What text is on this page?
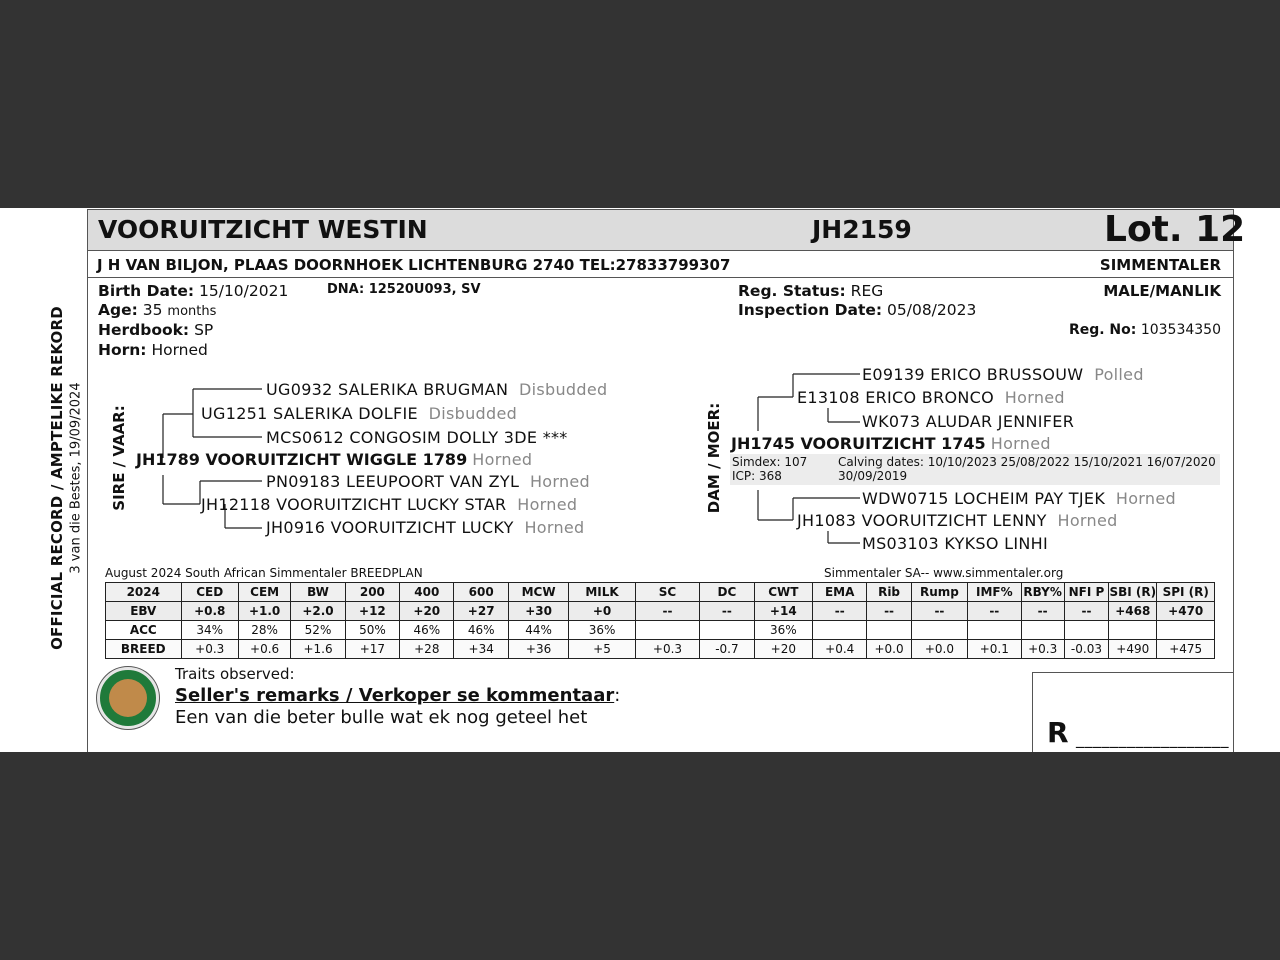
OFFICIAL RECORD / AMPTELIKE REKORD 3 van die Bestes, 19/09/2024
VOORUITZICHT WESTIN	JH2159	Lot. 12
J H VAN BILJON, PLAAS DOORNHOEK LICHTENBURG 2740 TEL:27833799307	SIMMENTALER
Birth Date: 15/10/2021	DNA: 12520U093, SV
Age: 35 months
Herdbook: SP
Horn: Horned
Reg. Status: REG
Inspection Date: 05/08/2023
MALE/MANLIK
Reg. No: 103534350
SIRE / VAAR:
UG0932 SALERIKA BRUGMAN Disbudded
UG1251 SALERIKA DOLFIE Disbudded
MCS0612 CONGOSIM DOLLY 3DE ***
JH1789 VOORUITZICHT WIGGLE 1789 Horned
PN09183 LEEUPOORT VAN ZYL Horned
JH12118 VOORUITZICHT LUCKY STAR Horned
JH0916 VOORUITZICHT LUCKY Horned
DAM / MOER:
E09139 ERICO BRUSSOUW Polled
E13108 ERICO BRONCO Horned
WK073 ALUDAR JENNIFER
JH1745 VOORUITZICHT 1745 Horned
Simdex: 107
ICP: 368
Calving dates: 10/10/2023 25/08/2022 15/10/2021 16/07/2020
30/09/2019
WDW0715 LOCHEIM PAY TJEK Horned
JH1083 VOORUITZICHT LENNY Horned
MS03103 KYKSO LINHI
August 2024 South African Simmentaler BREEDPLAN	Simmentaler SA-- www.simmentaler.org
2024	CED	CEM	BW	200	400	600	MCW	MILK	SC	DC	CWT	EMA	Rib	Rump	IMF%	RBY%	NFI P	SBI (R)	SPI (R)
EBV	+0.8	+1.0	+2.0	+12	+20	+27	+30	+0	--	--	+14	--	--	--	--	--	--	+468	+470
ACC	34%	28%	52%	50%	46%	46%	44%	36%			36%								
BREED	+0.3	+0.6	+1.6	+17	+28	+34	+36	+5	+0.3	-0.7	+20	+0.4	+0.0	+0.0	+0.1	+0.3	-0.03	+490	+475
Traits observed:
Seller's remarks / Verkoper se kommentaar:
Een van die beter bulle wat ek nog geteel het	R __________________
